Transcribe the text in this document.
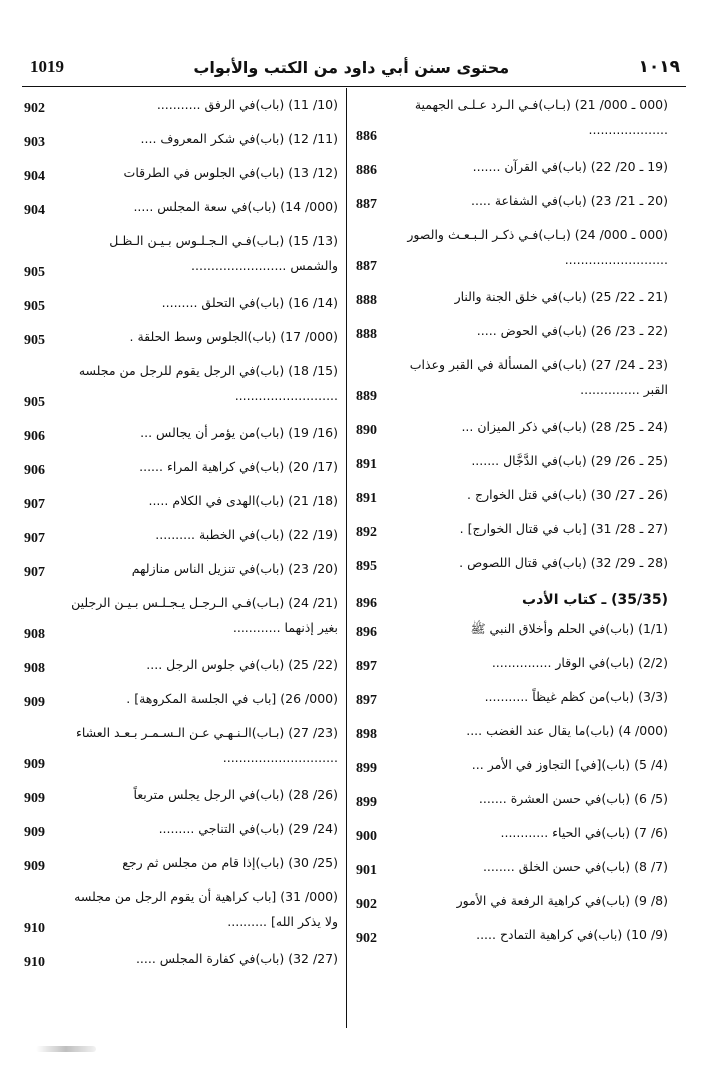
1019	محتوى سنن أبي داود من الكتب والأبواب	١٠١٩
(000 ـ 000/ 21) (بـاب)فـي الـرد عـلـى الجهمية ....................
886
(19 ـ 20/ 22) (باب)في القرآن .......
886
(20 ـ 21/ 23) (باب)في الشفاعة .....
887
(000 ـ 000/ 24) (بـاب)فـي ذكـر الـبـعـث والصور ..........................
887
(21 ـ 22/ 25) (باب)في خلق الجنة والنار
888
(22 ـ 23/ 26) (باب)في الحوض .....
888
(23 ـ 24/ 27) (باب)في المسألة في القبر وعذاب القبر ...............
889
(24 ـ 25/ 28) (باب)في ذكر الميزان ...
890
(25 ـ 26/ 29) (باب)في الدَّجَّال .......
891
(26 ـ 27/ 30) (باب)في قتل الخوارج .
891
(27 ـ 28/ 31) [باب في قتال الخوارج] .
892
(28 ـ 29/ 32) (باب)في قتال اللصوص .
895
(35/35) ـ كتاب الأدب
896
(1/1) (باب)في الحلم وأخلاق النبي ﷺ
896
(2/2) (باب)في الوقار ...............
897
(3/3) (باب)من كظم غيظاً ...........
897
(000/ 4) (باب)ما يقال عند الغضب ....
898
(4/ 5) (باب)[في] التجاوز في الأمر ...
899
(5/ 6) (باب)في حسن العشرة .......
899
(6/ 7) (باب)في الحياء ............
900
(7/ 8) (باب)في حسن الخلق ........
901
(8/ 9) (باب)في كراهية الرفعة في الأمور
902
(9/ 10) (باب)في كراهية التمادح .....
902
(10/ 11) (باب)في الرفق ...........
902
(11/ 12) (باب)في شكر المعروف ....
903
(12/ 13) (باب)في الجلوس في الطرقات
904
(000/ 14) (باب)في سعة المجلس .....
904
(13/ 15) (بـاب)فـي الـجـلـوس بـيـن الـظـل والشمس ........................
905
(14/ 16) (باب)في التحلق .........
905
(000/ 17) (باب)الجلوس وسط الحلقة .
905
(15/ 18) (باب)في الرجل يقوم للرجل من مجلسه ..........................
905
(16/ 19) (باب)من يؤمر أن يجالس ...
906
(17/ 20) (باب)في كراهية المراء ......
906
(18/ 21) (باب)الهدى في الكلام .....
907
(19/ 22) (باب)في الخطبة ..........
907
(20/ 23) (باب)في تنزيل الناس منازلهم
907
(21/ 24) (بـاب)فـي الـرجـل يـجـلـس بـيـن الرجلين بغير إذنهما ............
908
(22/ 25) (باب)في جلوس الرجل ....
908
(000/ 26) [باب في الجلسة المكروهة] .
909
(23/ 27) (بـاب)الـنـهـي عـن الـسـمـر بـعـد العشاء .............................
909
(26/ 28) (باب)في الرجل يجلس متربعاً
909
(24/ 29) (باب)في التناجي .........
909
(25/ 30) (باب)إذا قام من مجلس ثم رجع
909
(000/ 31) [باب كراهية أن يقوم الرجل من مجلسه ولا يذكر الله] ..........
910
(27/ 32) (باب)في كفارة المجلس .....
910
